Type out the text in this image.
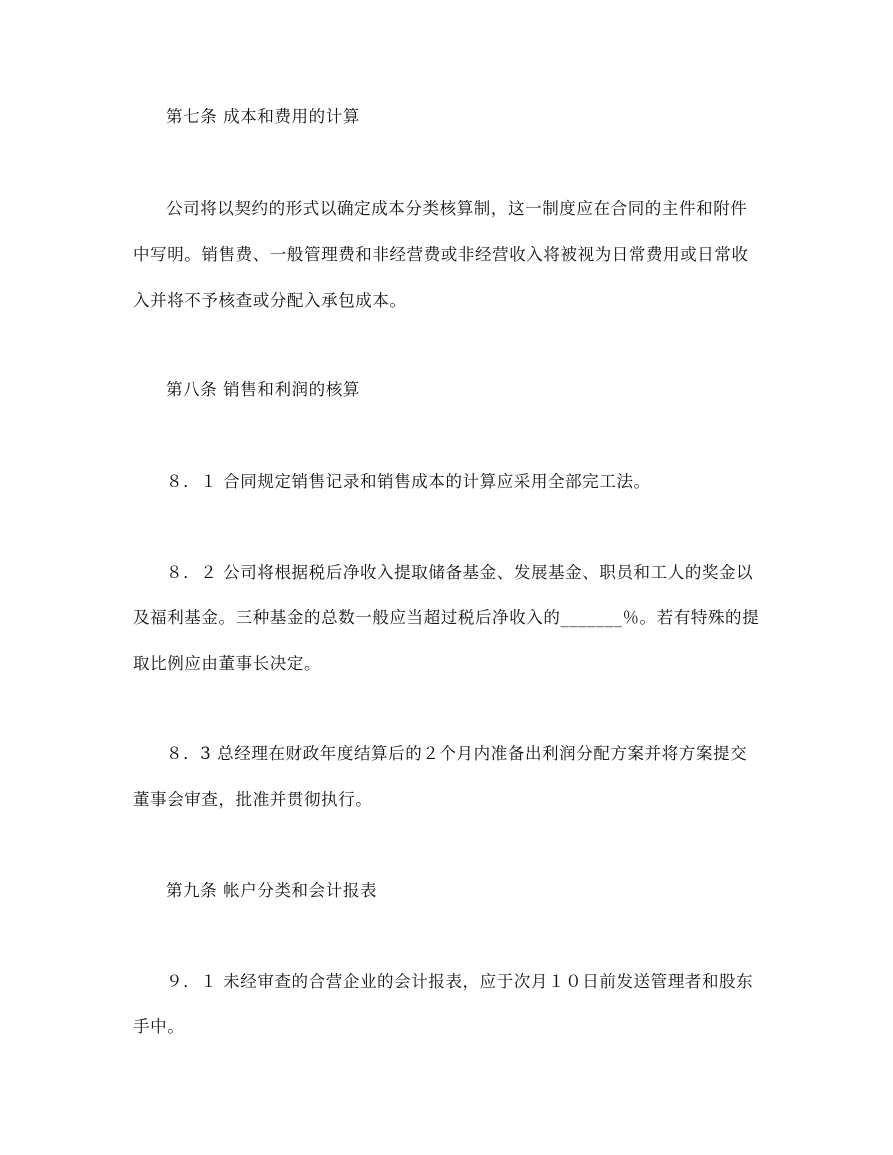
第七条 成本和费用的计算
公司将以契约的形式以确定成本分类核算制，这一制度应在合同的主件和附件
中写明。销售费、一般管理费和非经营费或非经营收入将被视为日常费用或日常收
入并将不予核查或分配入承包成本。
第八条 销售和利润的核算
８．１ 合同规定销售记录和销售成本的计算应采用全部完工法。
８．２ 公司将根据税后净收入提取储备基金、发展基金、职员和工人的奖金以
及福利基金。三种基金的总数一般应当超过税后净收入的_______％。若有特殊的提
取比例应由董事长决定。
８．3 总经理在财政年度结算后的２个月内准备出利润分配方案并将方案提交
董事会审查，批准并贯彻执行。
第九条 帐户分类和会计报表
９．１ 未经审查的合营企业的会计报表，应于次月１０日前发送管理者和股东
手中。
